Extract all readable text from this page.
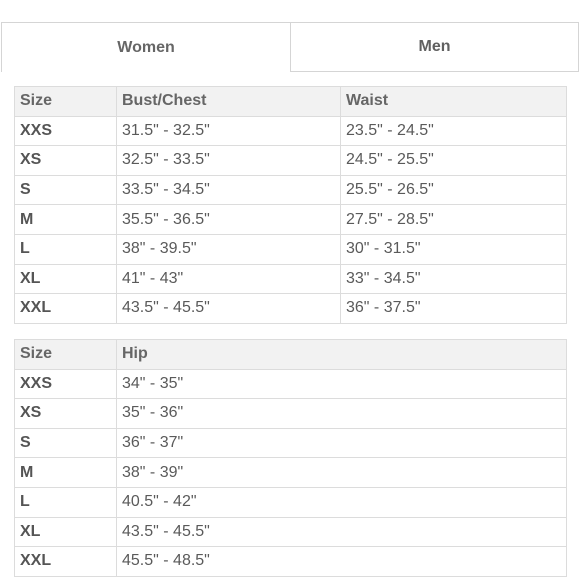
Women	Men
Size	Bust/Chest	Waist
XXS	31.5" - 32.5"	23.5" - 24.5"
XS	32.5" - 33.5"	24.5" - 25.5"
S	33.5" - 34.5"	25.5" - 26.5"
M	35.5" - 36.5"	27.5" - 28.5"
L	38" - 39.5"	30" - 31.5"
XL	41" - 43"	33" - 34.5"
XXL	43.5" - 45.5"	36" - 37.5"
Size	Hip
XXS	34" - 35"
XS	35" - 36"
S	36" - 37"
M	38" - 39"
L	40.5" - 42"
XL	43.5" - 45.5"
XXL	45.5" - 48.5"
